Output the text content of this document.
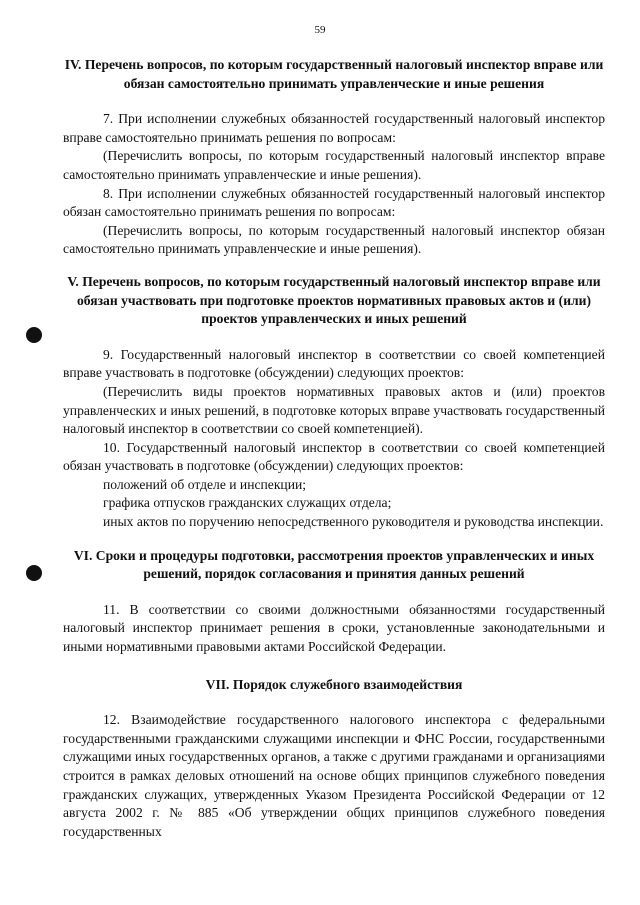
59

IV. Перечень вопросов, по которым государственный налоговый инспектор вправе или обязан самостоятельно принимать управленческие и иные решения

7. При исполнении служебных обязанностей государственный налоговый инспектор вправе самостоятельно принимать решения по вопросам:

(Перечислить вопросы, по которым государственный налоговый инспектор вправе самостоятельно принимать управленческие и иные решения).

8. При исполнении служебных обязанностей государственный налоговый инспектор обязан самостоятельно принимать решения по вопросам:

(Перечислить вопросы, по которым государственный налоговый инспектор обязан самостоятельно принимать управленческие и иные решения).

V. Перечень вопросов, по которым государственный налоговый инспектор вправе или обязан участвовать при подготовке проектов нормативных правовых актов и (или) проектов управленческих и иных решений

9. Государственный налоговый инспектор в соответствии со своей компетенцией вправе участвовать в подготовке (обсуждении) следующих проектов:

(Перечислить виды проектов нормативных правовых актов и (или) проектов управленческих и иных решений, в подготовке которых вправе участвовать государственный налоговый инспектор в соответствии со своей компетенцией).

10. Государственный налоговый инспектор в соответствии со своей компетенцией обязан участвовать в подготовке (обсуждении) следующих проектов:

положений об отделе и инспекции;

графика отпусков гражданских служащих отдела;

иных актов по поручению непосредственного руководителя и руководства инспекции.

VI. Сроки и процедуры подготовки, рассмотрения проектов управленческих и иных решений, порядок согласования и принятия данных решений

11. В соответствии со своими должностными обязанностями государственный налоговый инспектор принимает решения в сроки, установленные законодательными и иными нормативными правовыми актами Российской Федерации.

VII. Порядок служебного взаимодействия

12. Взаимодействие государственного налогового инспектора с федеральными государственными гражданскими служащими инспекции и ФНС России, государственными служащими иных государственных органов, а также с другими гражданами и организациями строится в рамках деловых отношений на основе общих принципов служебного поведения гражданских служащих, утвержденных Указом Президента Российской Федерации от 12 августа 2002 г. № 885 «Об утверждении общих принципов служебного поведения государственных
